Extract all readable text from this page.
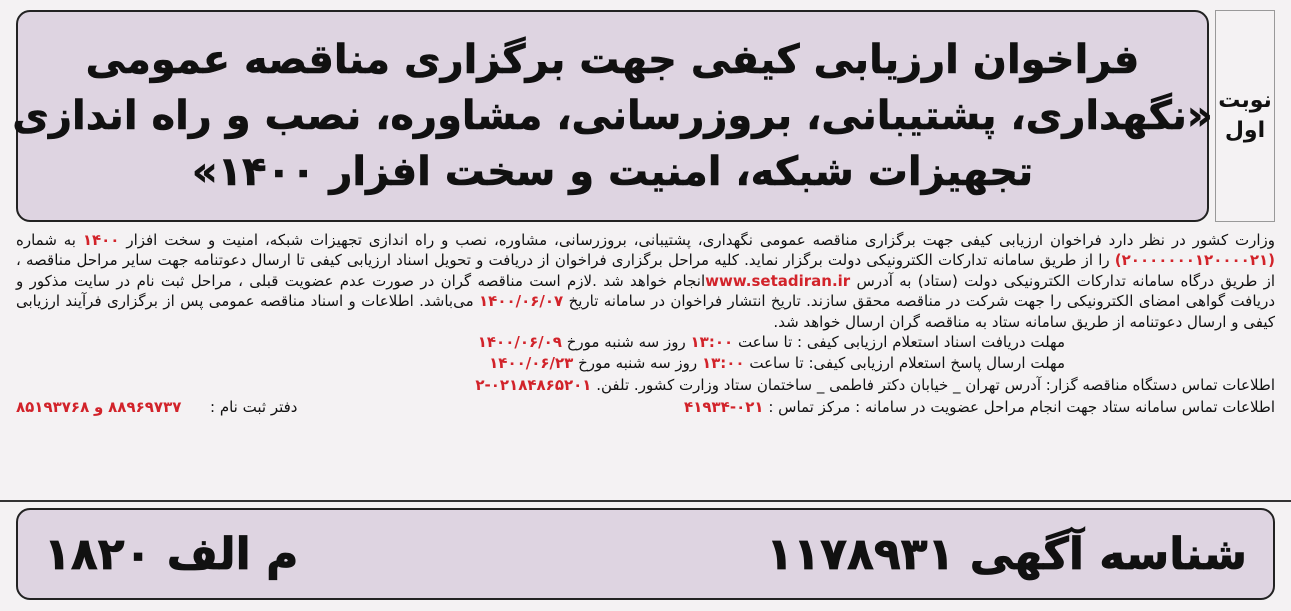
فراخوان ارزیابی کیفی جهت برگزاری مناقصه عمومی
«نگهداری، پشتیبانی، بروزرسانی، مشاوره، نصب و راه اندازی
تجهیزات شبکه، امنیت و سخت افزار ۱۴۰۰»
نوبت
اول

وزارت کشور در نظر دارد فراخوان ارزیابی کیفی جهت برگزاری مناقصه عمومی نگهداری، پشتیبانی، بروزرسانی، مشاوره، نصب و راه اندازی تجهیزات شبکه، امنیت و سخت افزار ۱۴۰۰ به شماره (۲۰۰۰۰۰۰۰۱۲۰۰۰۰۲۱) را از طریق سامانه تدارکات الکترونیکی دولت برگزار نماید. کلیه مراحل برگزاری فراخوان از دریافت و تحویل اسناد ارزیابی کیفی تا ارسال دعوتنامه جهت سایر مراحل مناقصه ، از طریق درگاه سامانه تدارکات الکترونیکی دولت (ستاد) به آدرس www.setadiran.irانجام خواهد شد .لازم است مناقصه گران در صورت عدم عضویت قبلی ، مراحل ثبت نام در سایت مذکور و دریافت گواهی امضای الکترونیکی را جهت شرکت در مناقصه محقق سازند. تاریخ انتشار فراخوان در سامانه تاریخ ۱۴۰۰/۰۶/۰۷ می‌باشد. اطلاعات و اسناد مناقصه عمومی پس از برگزاری فرآیند ارزیابی کیفی و ارسال دعوتنامه از طریق سامانه ستاد به مناقصه گران ارسال خواهد شد.

مهلت دریافت اسناد استعلام ارزیابی کیفی : تا ساعت ۱۳:۰۰ روز سه شنبه مورخ ۱۴۰۰/۰۶/۰۹
مهلت ارسال پاسخ استعلام ارزیابی کیفی: تا ساعت ۱۳:۰۰ روز سه شنبه مورخ ۱۴۰۰/۰۶/۲۳
اطلاعات تماس دستگاه مناقصه گزار: آدرس تهران _ خیابان دکتر فاطمی _ ساختمان ستاد وزارت کشور. تلفن. ۰۲۱۸۴۸۶۵۲۰۱-۲
اطلاعات تماس سامانه ستاد جهت انجام مراحل عضویت در سامانه : مرکز تماس : ۰۲۱-۴۱۹۳۴
دفتر ثبت نام :      ۸۸۹۶۹۷۳۷ و ۸۵۱۹۳۷۶۸
شناسه آگهی ۱۱۷۸۹۳۱
م الف ۱۸۲۰
